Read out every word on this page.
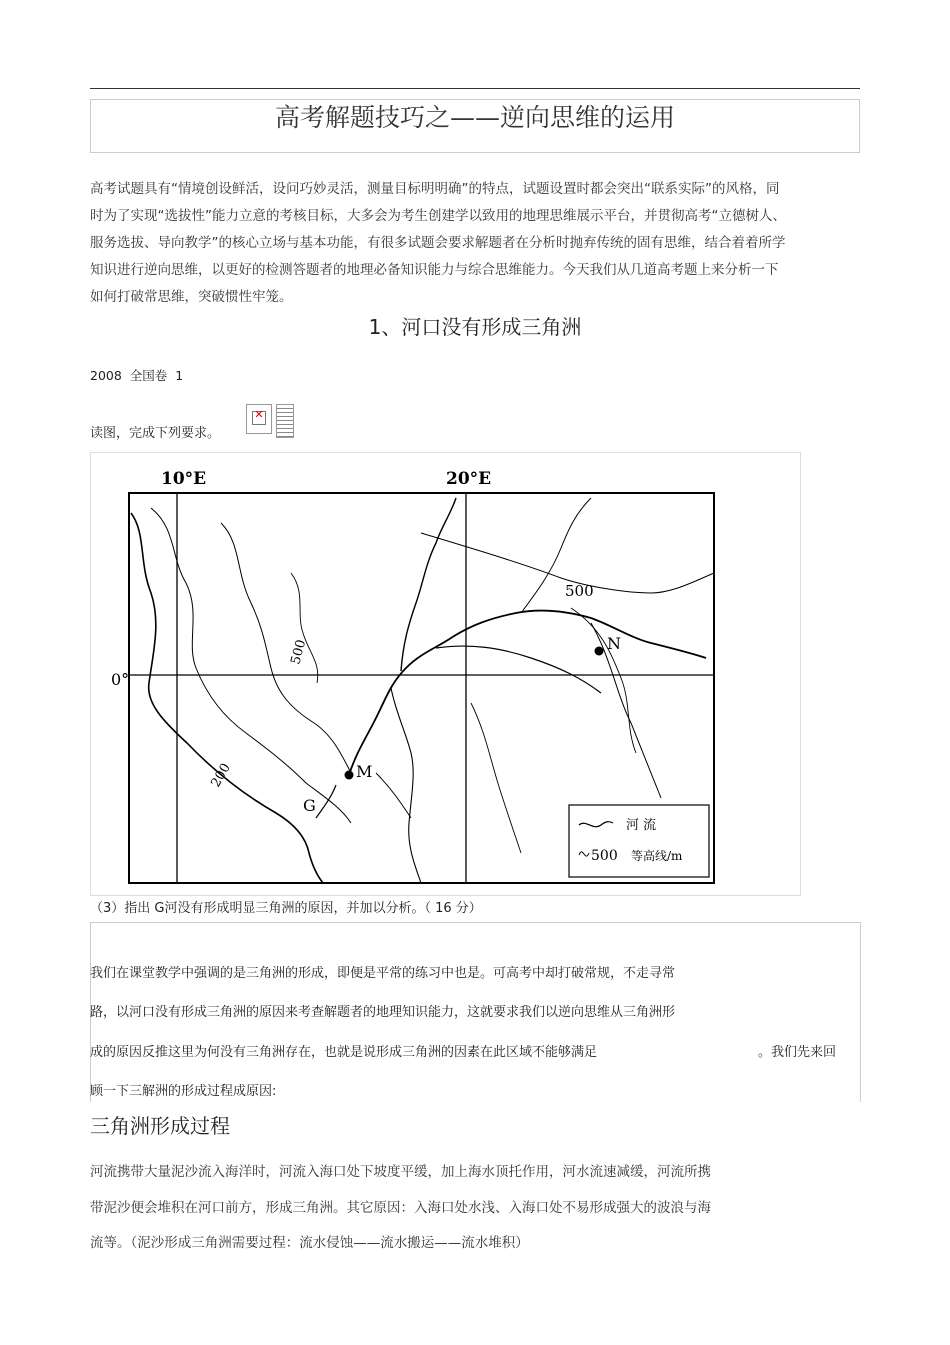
高考解题技巧之——逆向思维的运用
高考试题具有“情境创设鲜活，设问巧妙灵活，测量目标明明确”的特点，试题设置时都会突出“联系实际”的风格，同时为了实现“选拔性”能力立意的考核目标，大多会为考生创建学以致用的地理思维展示平台，并贯彻高考“立德树人、服务选拔、导向教学”的核心立场与基本功能，有很多试题会要求解题者在分析时抛弃传统的固有思维，结合着着所学知识进行逆向思维，以更好的检测答题者的地理必备知识能力与综合思维能力。今天我们从几道高考题上来分析一下如何打破常思维，突破惯性牢笼。
1、河口没有形成三角洲
2008 全国卷 1
读图，完成下列要求。
✕
10°E	20°E
0°
500
500
200
N
M
G
河 流
500 等高线/m
（3）指出 G河没有形成明显三角洲的原因，并加以分析。（ 16 分）
我们在课堂教学中强调的是三角洲的形成，即便是平常的练习中也是。可高考中却打破常规，不走寻常
路，以河口没有形成三角洲的原因来考查解题者的地理知识能力，这就要求我们以逆向思维从三角洲形
成的原因反推这里为何没有三角洲存在，也就是说形成三角洲的因素在此区域不能够满足	。我们先来回
顾一下三解洲的形成过程成原因:
三角洲形成过程
河流携带大量泥沙流入海洋时，河流入海口处下坡度平缓，加上海水顶托作用，河水流速减缓，河流所携
带泥沙便会堆积在河口前方，形成三角洲。其它原因：入海口处水浅、入海口处不易形成强大的波浪与海
流等。（泥沙形成三角洲需要过程：流水侵蚀——流水搬运——流水堆积）
